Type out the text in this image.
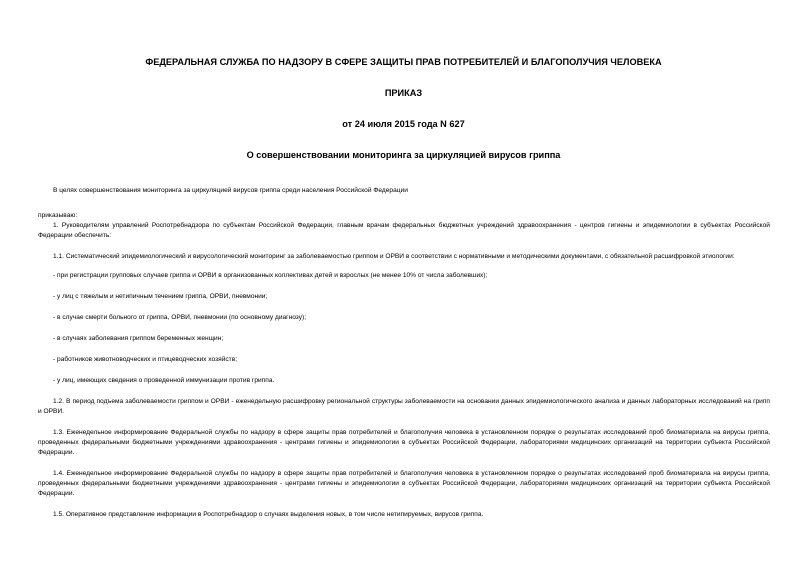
ФЕДЕРАЛЬНАЯ СЛУЖБА ПО НАДЗОРУ В СФЕРЕ ЗАЩИТЫ ПРАВ ПОТРЕБИТЕЛЕЙ И БЛАГОПОЛУЧИЯ ЧЕЛОВЕКА
ПРИКАЗ
от 24 июля 2015 года N 627
О совершенствовании мониторинга за циркуляцией вирусов гриппа

В целях совершенствования мониторинга за циркуляцией вирусов гриппа среди населения Российской Федерации

приказываю:

1. Руководителям управлений Роспотребнадзора по субъектам Российской Федерации, главным врачам федеральных бюджетных учреждений здравоохранения - центров гигиены и эпидемиологии в субъектах Российской Федерации обеспечить:

1.1. Систематический эпидемиологический и вирусологический мониторинг за заболеваемостью гриппом и ОРВИ в соответствии с нормативными и методическими документами, с обязательной расшифровкой этиологии:

- при регистрации групповых случаев гриппа и ОРВИ в организованных коллективах детей и взрослых (не менее 10% от числа заболевших);

- у лиц с тяжелым и нетипичным течением гриппа, ОРВИ, пневмонии;

- в случае смерти больного от гриппа, ОРВИ, пневмонии (по основному диагнозу);

- в случаях заболевания гриппом беременных женщин;

- работников животноводческих и птицеводческих хозяйств;

- у лиц, имеющих сведения о проведенной иммунизации против гриппа.

1.2. В период подъема заболеваемости гриппом и ОРВИ - еженедельную расшифровку региональной структуры заболеваемости на основании данных эпидемиологического анализа и данных лабораторных исследований на грипп и ОРВИ.

1.3. Еженедельное информирование Федеральной службы по надзору в сфере защиты прав потребителей и благополучия человека в установленном порядке о результатах исследований проб биоматериала на вирусы гриппа, проведенных федеральными бюджетными учреждениями здравоохранения - центрами гигиены и эпидемиологии в субъектах Российской Федерации, лабораториями медицинских организаций на территории субъекта Российской Федерации.

1.4. Еженедельное информирование Федеральной службы по надзору в сфере защиты прав потребителей и благополучия человека в установленном порядке о результатах исследований проб биоматериала на вирусы гриппа, проведенных федеральными бюджетными учреждениями здравоохранения - центрами гигиены и эпидемиологии в субъектах Российской Федерации, лабораториями медицинских организаций на территории субъекта Российской Федерации.

1.5. Оперативное представление информации в Роспотребнадзор о случаях выделения новых, в том числе нетипируемых, вирусов гриппа.
